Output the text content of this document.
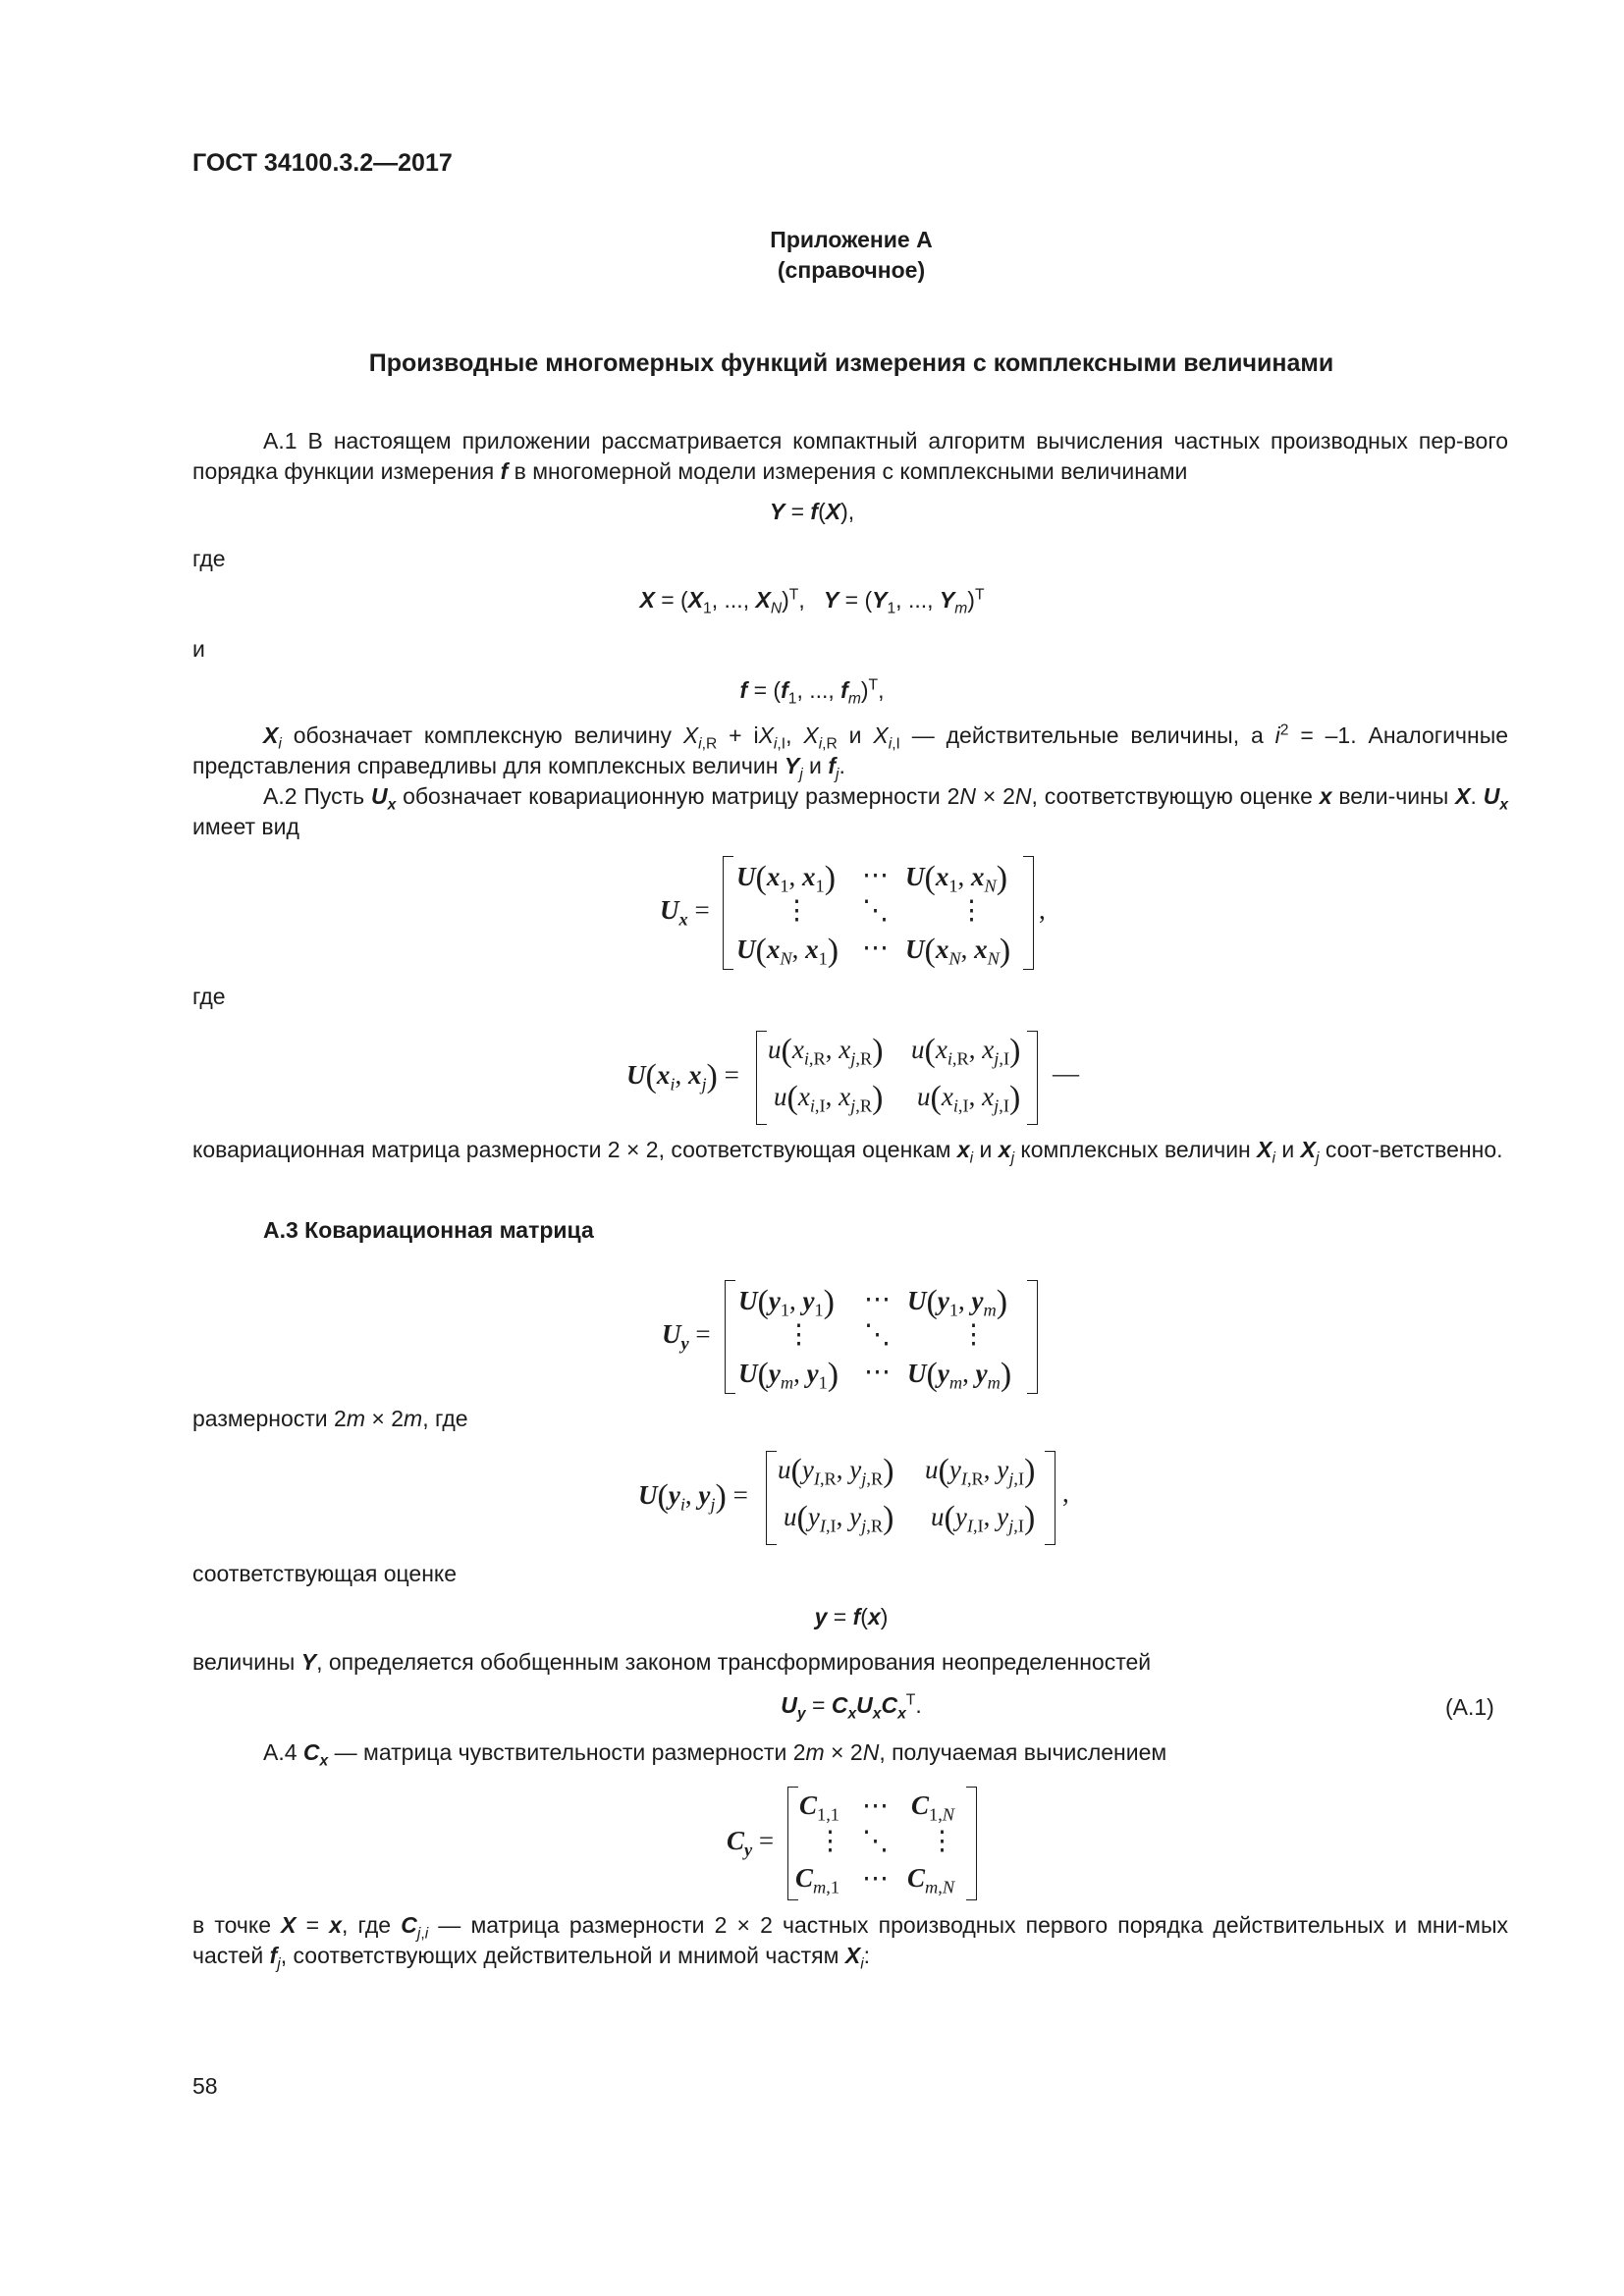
ГОСТ 34100.3.2—2017
Приложение А
(справочное)
Производные многомерных функций измерения с комплексными величинами
А.1 В настоящем приложении рассматривается компактный алгоритм вычисления частных производных пер-вого порядка функции измерения f в многомерной модели измерения с комплексными величинами
Y = f(X),
где
$X = (X_1$, ..., $X_N)^T$,   $Y = (Y_1$, ..., $Y_m)^T$
и
$f = (f_1$, ..., $f_m)^T$,
$X_i$ обозначает комплексную величину $X_{i,R} + iX_{i,I}$, $X_{i,R}$ и $X_{i,I}$ — действительные величины, а $i^2 = -1$. Аналогичные представления справедливы для комплексных величин $Y_j$ и $f_j$.
А.2 Пусть $U_x$ обозначает ковариационную матрицу размерности 2N × 2N, соответствующую оценке x вели-чины X. $U_x$ имеет вид
$U_x$ =
$U(x_1$, $x_1$) ⋯ $U(x_1$, $x_N$)
⋮ ⋱	⋮
$U(x_N$, $x_1$) ⋯ $U(x_N$, $x_N$)
,
где
$U(x_i$, $x_j$) =
$u(x_{i,R}$, $x_{j,R}$) $u(x_{i,R}$, $x_{j,I}$)
$u(x_{i,I}$, $x_{j,R}$) $u(x_{i,I}$, $x_{j,I}$)
—
ковариационная матрица размерности 2 × 2, соответствующая оценкам $x_i$ и $x_j$ комплексных величин $X_i$ и $X_j$ соот-ветственно.
А.3 Ковариационная матрица
$U_y$ =
$U(y_1$, $y_1$) ⋯ $U(y_1$, $y_m$)
⋮ ⋱	⋮
$U(y_m$, $y_1$) ⋯ $U(y_m$, $y_m$)
размерности 2m × 2m, где
$U(y_i$, $y_j$) =
$u(y_{I,R}$, $y_{j,R}$) $u(y_{I,R}$, $y_{j,I}$)
$u(y_{I,I}$, $y_{j,R}$) $u(y_{I,I}$, $y_{j,I}$)
,
соответствующая оценке
y = f(x)
величины Y, определяется обобщенным законом трансформирования неопределенностей
$U_y = C_xU_xC_x^T$.	(А.1)
А.4 $C_x$ — матрица чувствительности размерности 2m × 2N, получаемая вычислением
$C_y$ =
$C_{1,1}$ ⋯ $C_{1,N}$
⋮ ⋱ ⋮
$C_{m,1}$ ⋯ $C_{m,N}$
в точке X = x, где $C_{j,i}$ — матрица размерности 2 × 2 частных производных первого порядка действительных и мни-мых частей $f_j$, соответствующих действительной и мнимой частям $X_i$:
58
